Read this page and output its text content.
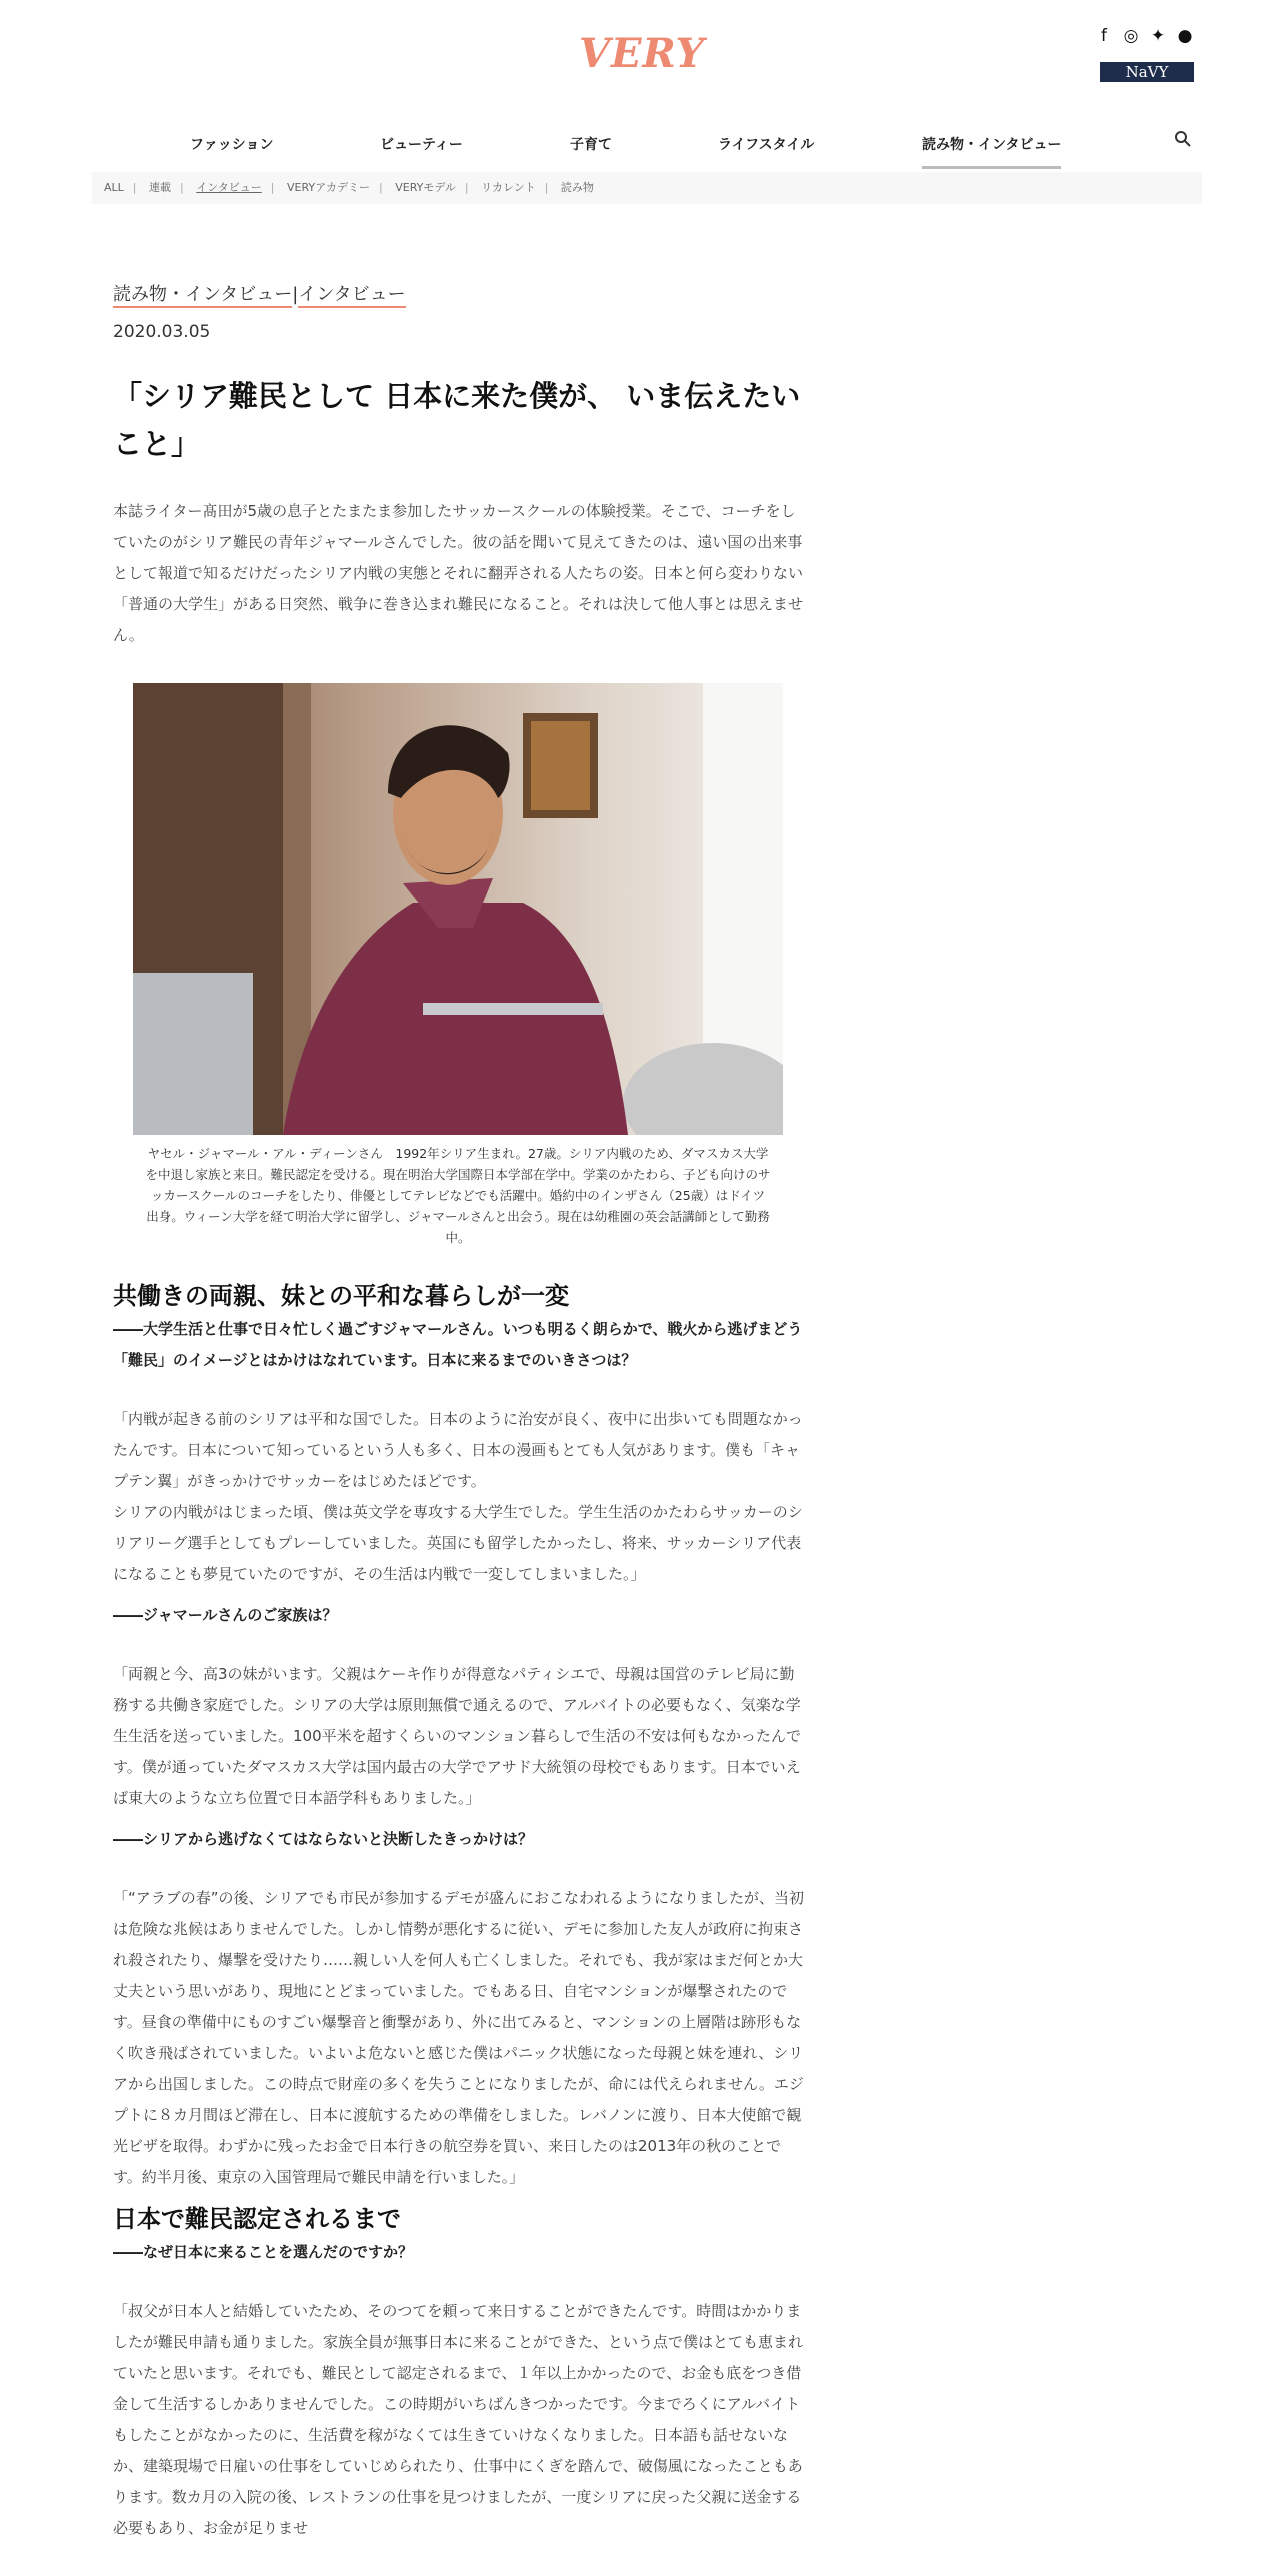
VERY	f ◎ ✦ ●
NaVY
ファッション	ビューティー	子育て	ライフスタイル	読み物・インタビュー
ALL | 連載 | インタビュー | VERYアカデミー | VERYモデル | リカレント | 読み物
読み物・インタビュー|インタビュー
2020.03.05
「シリア難民として 日本に来た僕が、 いま伝えたいこと」

本誌ライター髙田が5歳の息子とたまたま参加したサッカースクールの体験授業。そこで、コーチをしていたのがシリア難民の青年ジャマールさんでした。彼の話を聞いて見えてきたのは、遠い国の出来事として報道で知るだけだったシリア内戦の実態とそれに翻弄される人たちの姿。日本と何ら変わりない「普通の大学生」がある日突然、戦争に巻き込まれ難民になること。それは決して他人事とは思えません。

ヤセル・ジャマール・アル・ディーンさん　1992年シリア生まれ。27歳。シリア内戦のため、ダマスカス大学を中退し家族と来日。難民認定を受ける。現在明治大学国際日本学部在学中。学業のかたわら、子ども向けのサッカースクールのコーチをしたり、俳優としてテレビなどでも活躍中。婚約中のインザさん（25歳）はドイツ出身。ウィーン大学を経て明治大学に留学し、ジャマールさんと出会う。現在は幼稚園の英会話講師として勤務中。
共働きの両親、妹との平和な暮らしが一変
――大学生活と仕事で日々忙しく過ごすジャマールさん。いつも明るく朗らかで、戦火から逃げまどう「難民」のイメージとはかけはなれています。日本に来るまでのいきさつは？
「内戦が起きる前のシリアは平和な国でした。日本のように治安が良く、夜中に出歩いても問題なかったんです。日本について知っているという人も多く、日本の漫画もとても人気があります。僕も「キャプテン翼」がきっかけでサッカーをはじめたほどです。
シリアの内戦がはじまった頃、僕は英文学を専攻する大学生でした。学生生活のかたわらサッカーのシリアリーグ選手としてもプレーしていました。英国にも留学したかったし、将来、サッカーシリア代表になることも夢見ていたのですが、その生活は内戦で一変してしまいました。」
――ジャマールさんのご家族は？
「両親と今、高3の妹がいます。父親はケーキ作りが得意なパティシエで、母親は国営のテレビ局に勤務する共働き家庭でした。シリアの大学は原則無償で通えるので、アルバイトの必要もなく、気楽な学生生活を送っていました。100平米を超すくらいのマンション暮らしで生活の不安は何もなかったんです。僕が通っていたダマスカス大学は国内最古の大学でアサド大統領の母校でもあります。日本でいえば東大のような立ち位置で日本語学科もありました。」
――シリアから逃げなくてはならないと決断したきっかけは？
「“アラブの春”の後、シリアでも市民が参加するデモが盛んにおこなわれるようになりましたが、当初は危険な兆候はありませんでした。しかし情勢が悪化するに従い、デモに参加した友人が政府に拘束され殺されたり、爆撃を受けたり……親しい人を何人も亡くしました。それでも、我が家はまだ何とか大丈夫という思いがあり、現地にとどまっていました。でもある日、自宅マンションが爆撃されたのです。昼食の準備中にものすごい爆撃音と衝撃があり、外に出てみると、マンションの上層階は跡形もなく吹き飛ばされていました。いよいよ危ないと感じた僕はパニック状態になった母親と妹を連れ、シリアから出国しました。この時点で財産の多くを失うことになりましたが、命には代えられません。エジプトに８カ月間ほど滞在し、日本に渡航するための準備をしました。レバノンに渡り、日本大使館で観光ビザを取得。わずかに残ったお金で日本行きの航空券を買い、来日したのは2013年の秋のことです。約半月後、東京の入国管理局で難民申請を行いました。」
日本で難民認定されるまで
――なぜ日本に来ることを選んだのですか？
「叔父が日本人と結婚していたため、そのつてを頼って来日することができたんです。時間はかかりましたが難民申請も通りました。家族全員が無事日本に来ることができた、という点で僕はとても恵まれていたと思います。それでも、難民として認定されるまで、１年以上かかったので、お金も底をつき借金して生活するしかありませんでした。この時期がいちばんきつかったです。今までろくにアルバイトもしたことがなかったのに、生活費を稼がなくては生きていけなくなりました。日本語も話せないなか、建築現場で日雇いの仕事をしていじめられたり、仕事中にくぎを踏んで、破傷風になったこともあります。数カ月の入院の後、レストランの仕事を見つけましたが、一度シリアに戻った父親に送金する必要もあり、お金が足りませ
